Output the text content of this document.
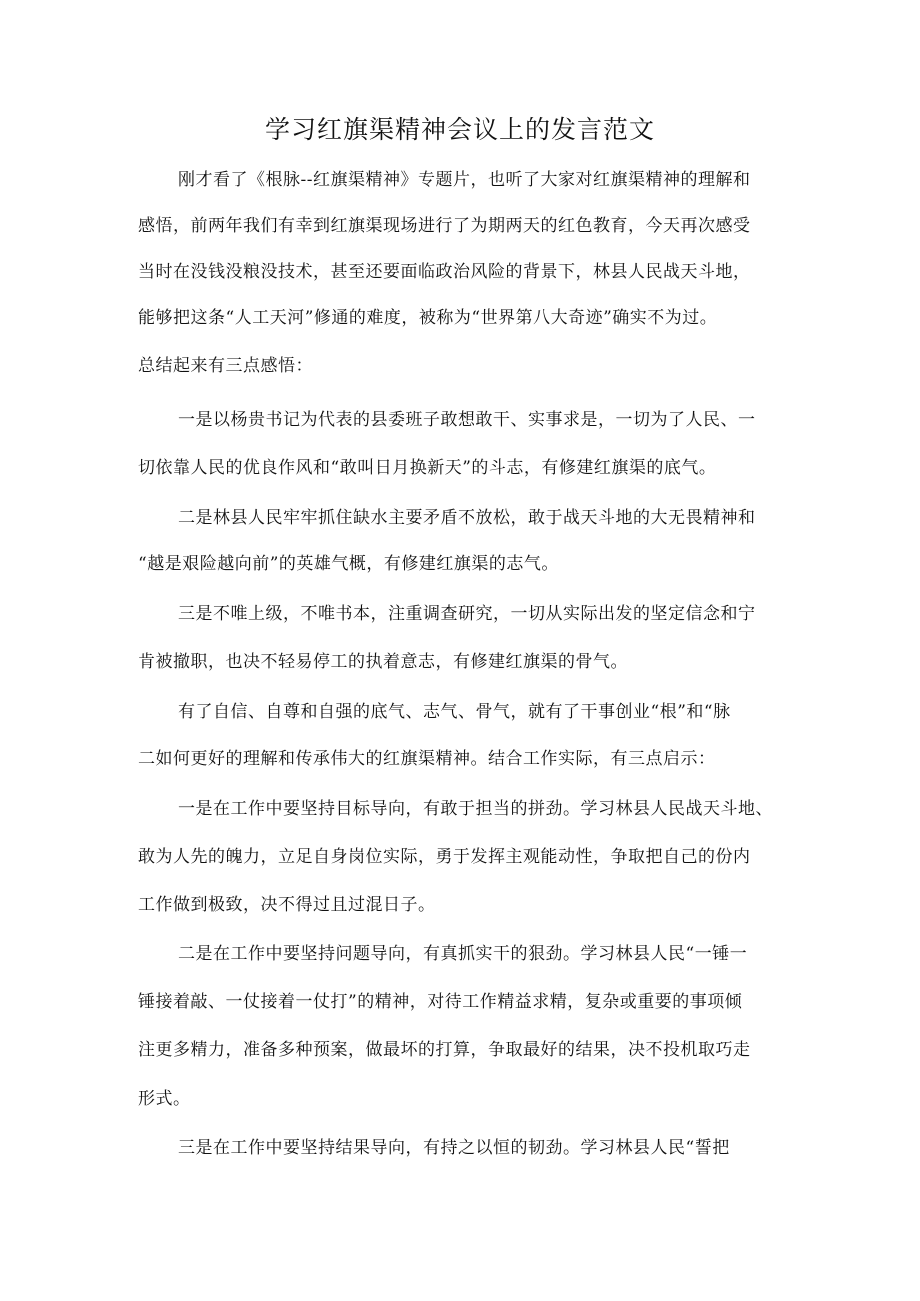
学习红旗渠精神会议上的发言范文
刚才看了《根脉--红旗渠精神》专题片，也听了大家对红旗渠精神的理解和
感悟，前两年我们有幸到红旗渠现场进行了为期两天的红色教育，今天再次感受
当时在没钱没粮没技术，甚至还要面临政治风险的背景下，林县人民战天斗地，
能够把这条“人工天河”修通的难度，被称为“世界第八大奇迹”确实不为过。
总结起来有三点感悟：
一是以杨贵书记为代表的县委班子敢想敢干、实事求是，一切为了人民、一
切依靠人民的优良作风和“敢叫日月换新天”的斗志，有修建红旗渠的底气。
二是林县人民牢牢抓住缺水主要矛盾不放松，敢于战天斗地的大无畏精神和
“越是艰险越向前”的英雄气概，有修建红旗渠的志气。
三是不唯上级，不唯书本，注重调查研究，一切从实际出发的坚定信念和宁
肯被撤职，也决不轻易停工的执着意志，有修建红旗渠的骨气。
有了自信、自尊和自强的底气、志气、骨气，就有了干事创业“根”和“脉
二如何更好的理解和传承伟大的红旗渠精神。结合工作实际，有三点启示：
一是在工作中要坚持目标导向，有敢于担当的拼劲。学习林县人民战天斗地、
敢为人先的魄力，立足自身岗位实际，勇于发挥主观能动性，争取把自己的份内
工作做到极致，决不得过且过混日子。
二是在工作中要坚持问题导向，有真抓实干的狠劲。学习林县人民“一锤一
锤接着敲、一仗接着一仗打”的精神，对待工作精益求精，复杂或重要的事项倾
注更多精力，准备多种预案，做最坏的打算，争取最好的结果，决不投机取巧走
形式。
三是在工作中要坚持结果导向，有持之以恒的韧劲。学习林县人民“誓把
